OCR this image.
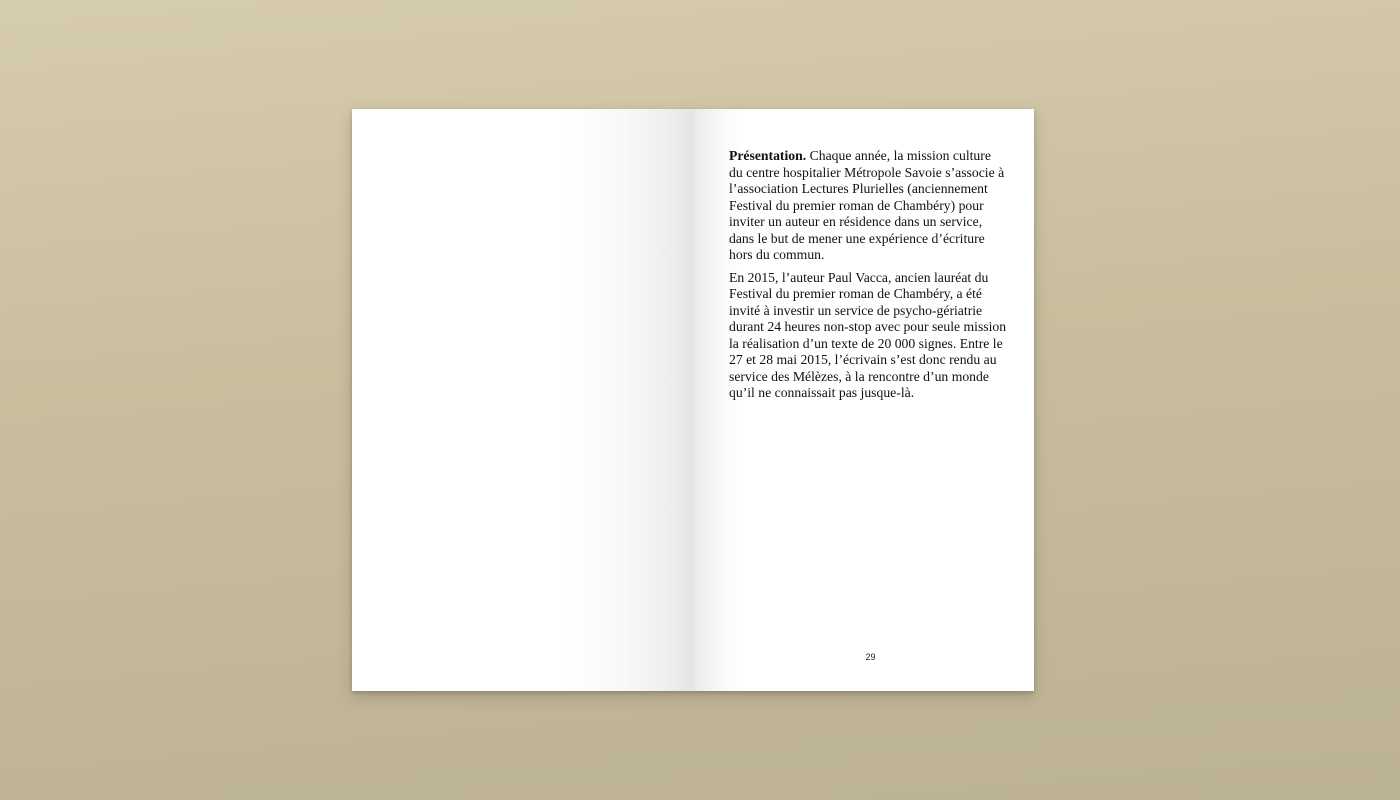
Présentation. Chaque année, la mission culture du centre hospitalier Métropole Savoie s’associe à l’association Lectures Plurielles (anciennement Festival du premier roman de Chambéry) pour inviter un auteur en résidence dans un service, dans le but de mener une expérience d’écriture hors du commun.

En 2015, l’auteur Paul Vacca, ancien lauréat du Festival du premier roman de Chambéry, a été invité à investir un service de psycho-gériatrie durant 24 heures non-stop avec pour seule mission la réalisation d’un texte de 20 000 signes. Entre le 27 et 28 mai 2015, l’écrivain s’est donc rendu au service des Mélèzes, à la rencontre d’un monde qu’il ne connaissait pas jusque-là.

29
